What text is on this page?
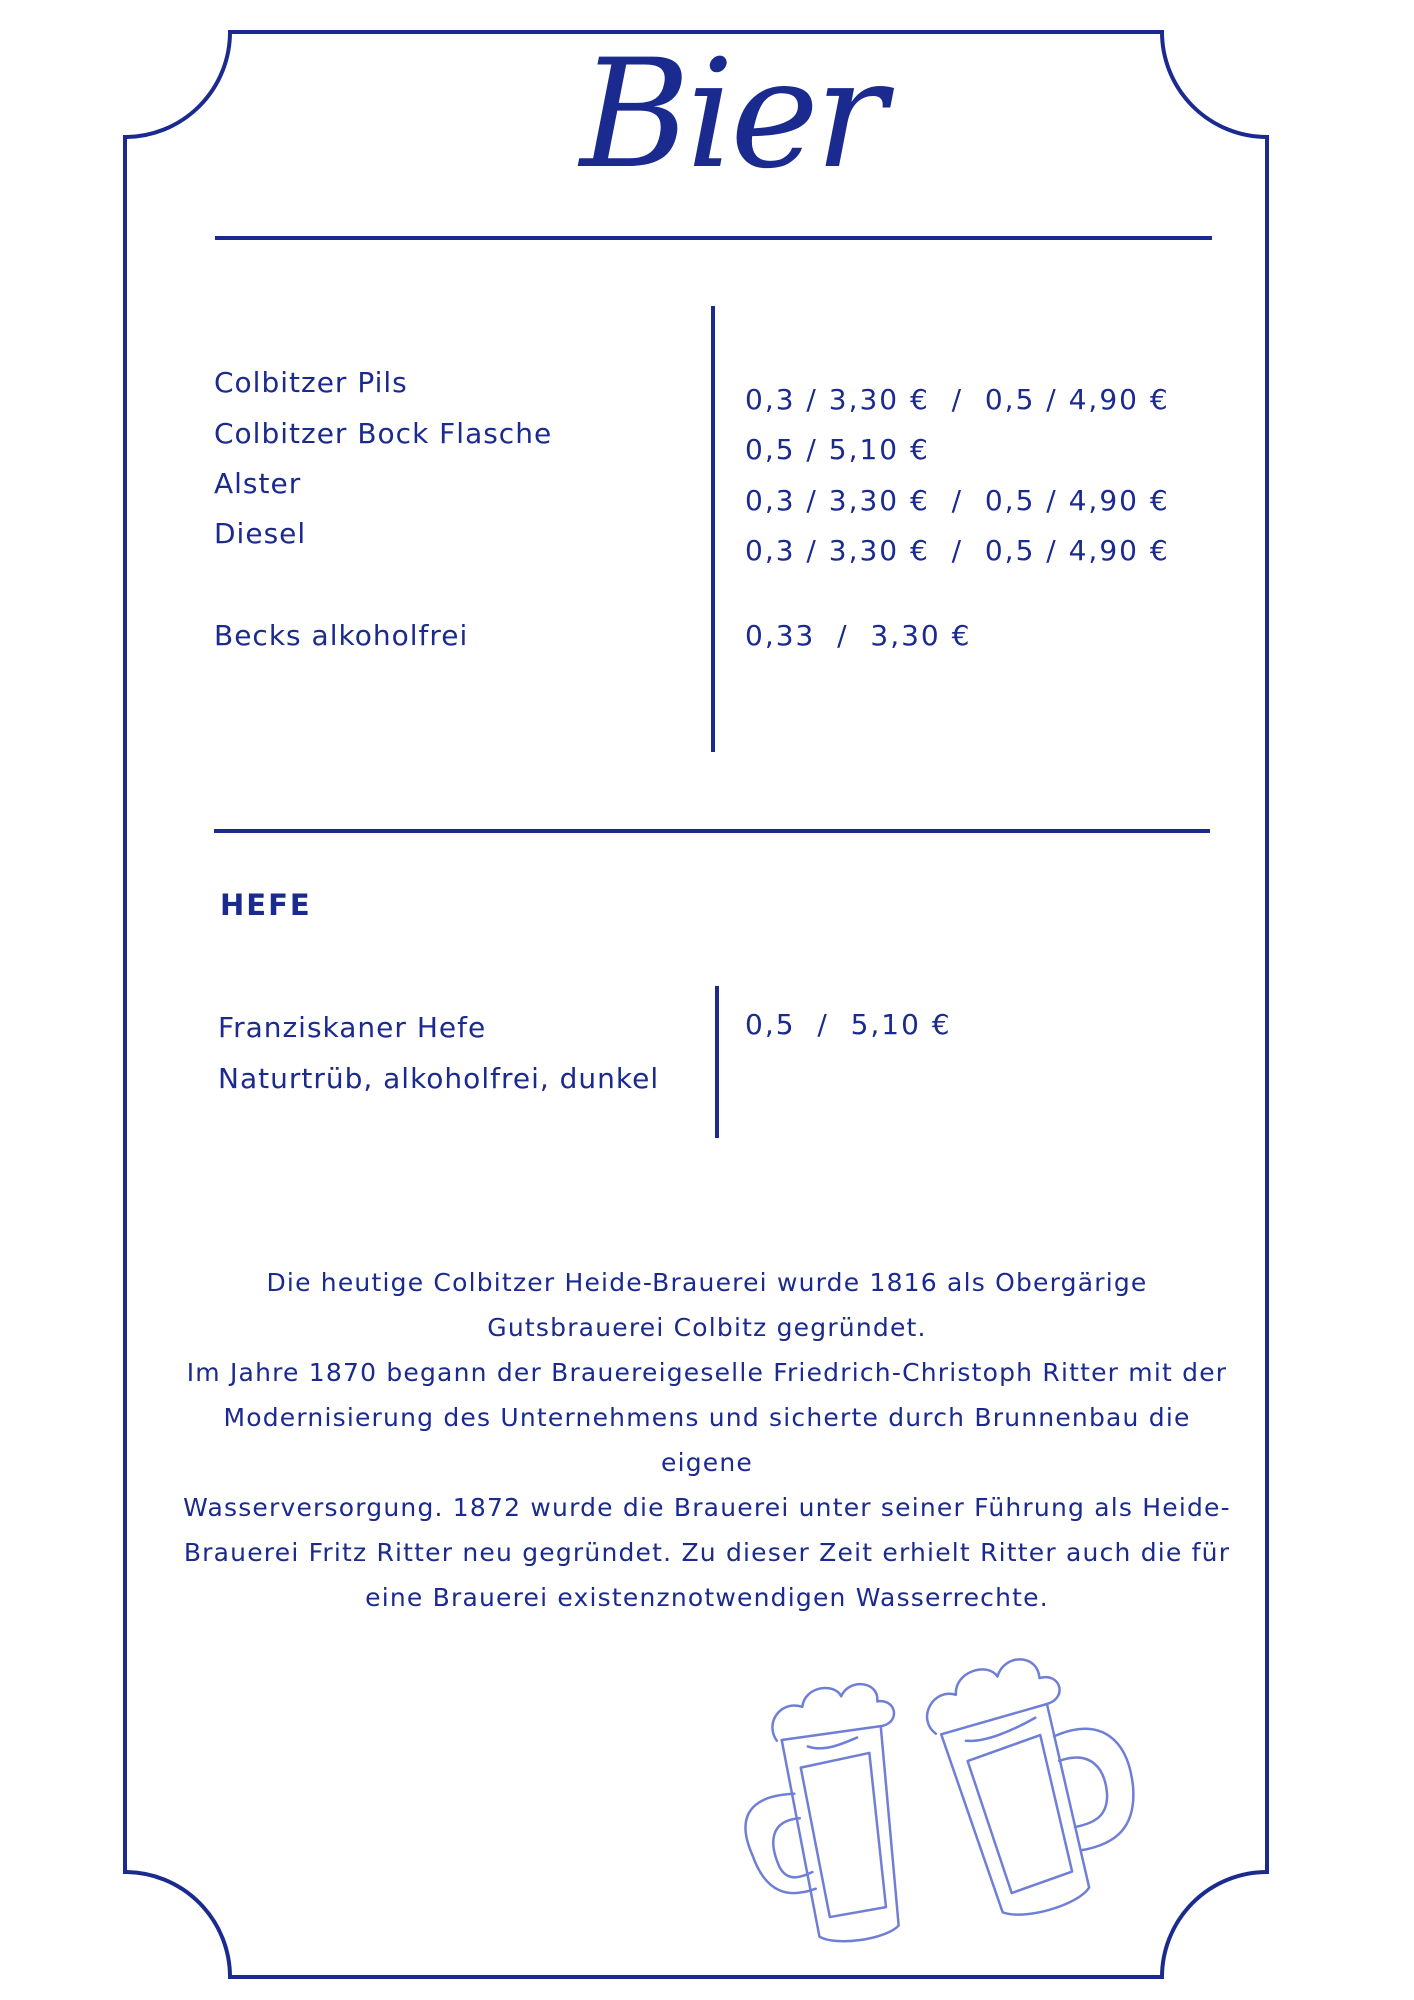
Bier
Colbitzer Pils
Colbitzer Bock Flasche
Alster
Diesel
Becks alkoholfrei
0,3 / 3,30 €  /  0,5 / 4,90 €
0,5 / 5,10 €
0,3 / 3,30 €  /  0,5 / 4,90 €
0,3 / 3,30 €  /  0,5 / 4,90 €
0,33  /  3,30 €
HEFE
Franziskaner Hefe
Naturtrüb, alkoholfrei, dunkel
0,5  /  5,10 €
Die heutige Colbitzer Heide-Brauerei wurde 1816 als Obergärige
Gutsbrauerei Colbitz gegründet.
Im Jahre 1870 begann der Brauereigeselle Friedrich-Christoph Ritter mit der
Modernisierung des Unternehmens und sicherte durch Brunnenbau die eigene
Wasserversorgung. 1872 wurde die Brauerei unter seiner Führung als Heide-
Brauerei Fritz Ritter neu gegründet. Zu dieser Zeit erhielt Ritter auch die für
eine Brauerei existenznotwendigen Wasserrechte.
